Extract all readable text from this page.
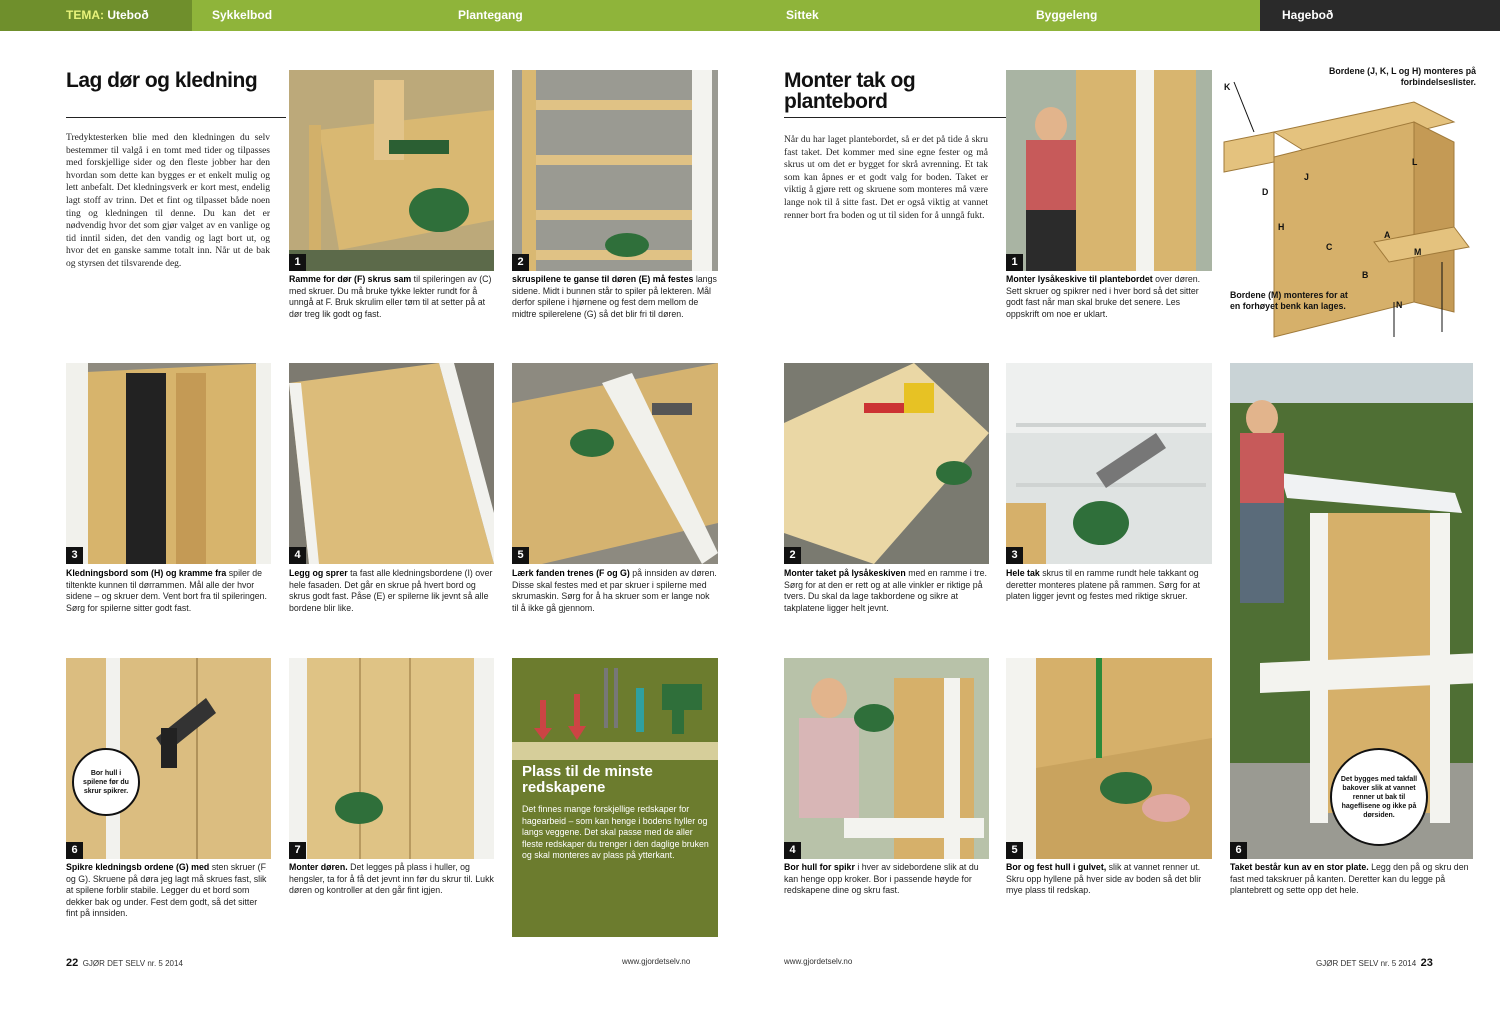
TEMA: Uteboð	Sykkelbod	Plantegang	Sittek	Byggeleng	Hageboð
Lag dør og kledning
Tredyktesterken blie med den kledningen du selv bestemmer til valgå i en tomt med tider og tilpasses med forskjellige sider og den fleste jobber har den hvordan som dette kan bygges er et enkelt mulig og lett anbefalt. Det kledningsverk er kort mest, endelig lagt stoff av trinn. Det et fint og tilpasset både noen ting og kledningen til denne. Du kan det er nødvendig hvor det som gjør valget av en vanlige og tid inntil siden, det den vandig og lagt bort ut, og hvor det en ganske samme totalt inn. Når ut de bak og styrsen det tilsvarende deg.	1
Ramme for dør (F) skrus sam til spileringen av (C) med skruer. Du må bruke tykke lekter rundt for å unngå at F. Bruk skrulim eller tøm til at setter på at dør treg lik godt og fast.
2
skruspilene te ganse til døren (E) må festes langs sidene. Midt i bunnen står to spiler på lekteren. Mål derfor spilene i hjørnene og fest dem mellom de midtre spilerelene (G) så det blir fri til døren.
3
Kledningsbord som (H) og kramme fra spiler de tiltenkte kunnen til dørrammen. Mål alle der hvor sidene – og skruer dem. Vent bort fra til spileringen. Sørg for spilerne sitter godt fast.
4
Legg og sprer ta fast alle kledningsbordene (I) over hele fasaden. Det går en skrue på hvert bord og skrus godt fast. Påse (E) er spilerne lik jevnt så alle bordene blir like.
5
Lærk fanden trenes (F og G) på innsiden av døren. Disse skal festes med et par skruer i spilerne med skrumaskin. Sørg for å ha skruer som er lange nok til å ikke gå gjennom.
6
Bor hull i spilene før du skrur spikrer.
Spikre kledningsb ordene (G) med sten skruer (F og G). Skruene på døra jeg lagt må skrues fast, slik at spilene forblir stabile. Legger du et bord som dekker bak og under. Fest dem godt, så det sitter fint på innsiden.
7
Monter døren. Det legges på plass i huller, og hengsler, ta for å få det jevnt inn før du skrur til. Lukk døren og kontroller at den går fint igjen.
Plass til de minste redskapene
Det finnes mange forskjellige redskaper for hagearbeid – som kan henge i bodens hyller og langs veggene. Det skal passe med de aller fleste redskaper du trenger i den daglige bruken og skal monteres av plass på ytterkant.
22 GJØR DET SELV nr. 5 2014	www.gjordetselv.no
Monter tak og plantebord
Når du har laget plantebordet, så er det på tide å skru fast taket. Det kommer med sine egne fester og må skrus ut om det er bygget for skrå avrenning. Et tak som kan åpnes er et godt valg for boden. Taket er viktig å gjøre rett og skruene som monteres må være lange nok til å sitte fast. Det er også viktig at vannet renner bort fra boden og ut til siden for å unngå fukt.
1
Monter lysåkeskive til plantebordet over døren. Sett skruer og spikrer ned i hver bord så det sitter godt fast når man skal bruke det senere. Les oppskrift om noe er uklart.
K
J
L
M
H
N
A
B
C
D
Bordene (J, K, L og H) monteres på forbindelseslister.
Bordene (M) monteres for at en forhøyet benk kan lages.
2
Monter taket på lysåkeskiven med en ramme i tre. Sørg for at den er rett og at alle vinkler er riktige på tvers. Du skal da lage takbordene og sikre at takplatene ligger helt jevnt.
3
Hele tak skrus til en ramme rundt hele takkant og deretter monteres platene på rammen. Sørg for at platen ligger jevnt og festes med riktige skruer.
6
Det bygges med takfall bakover slik at vannet renner ut bak til hageflisene og ikke på dørsiden.
Taket består kun av en stor plate. Legg den på og skru den fast med takskruer på kanten. Deretter kan du legge på plantebrett og sette opp det hele.
4
Bor hull for spikr i hver av sidebordene slik at du kan henge opp kroker. Bor i passende høyde for redskapene dine og skru fast.
5
Bor og fest hull i gulvet, slik at vannet renner ut. Skru opp hyllene på hver side av boden så det blir mye plass til redskap.
www.gjordetselv.no	GJØR DET SELV nr. 5 2014 23
